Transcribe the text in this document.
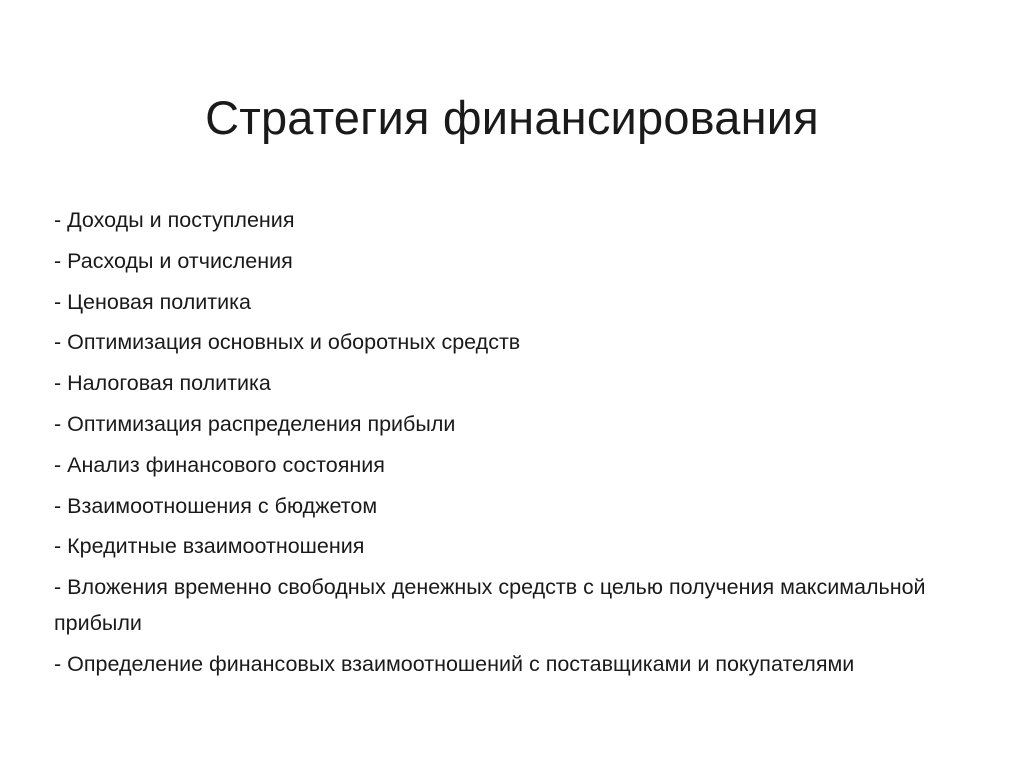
Стратегия финансирования
- Доходы и поступления
- Расходы и отчисления
- Ценовая политика
- Оптимизация основных и оборотных средств
- Налоговая политика
- Оптимизация распределения прибыли
- Анализ финансового состояния
- Взаимоотношения с бюджетом
- Кредитные взаимоотношения
- Вложения временно свободных денежных средств с целью получения максимальной прибыли
- Определение финансовых взаимоотношений с поставщиками и покупателями
